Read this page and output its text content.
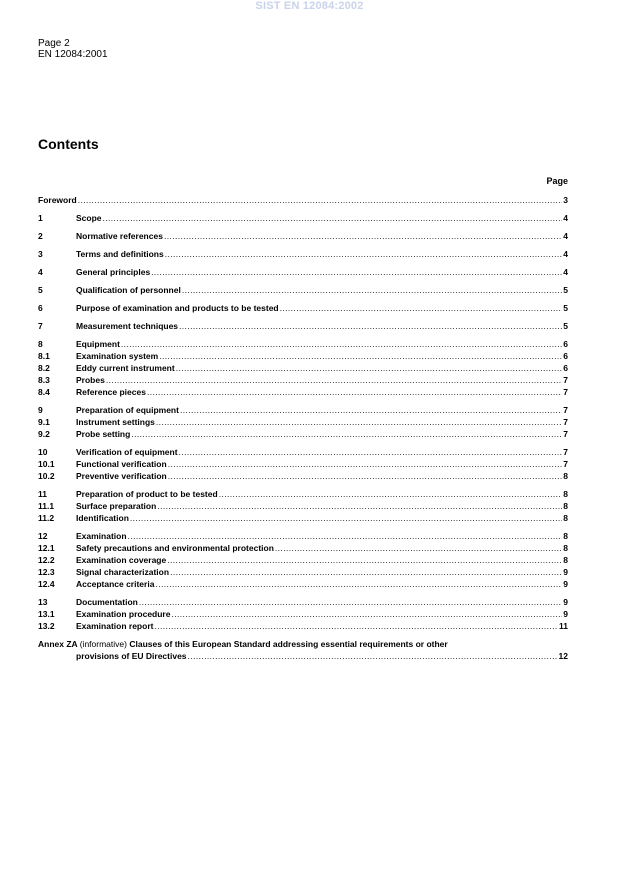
SIST EN 12084:2002
Page 2
EN 12084:2001
Contents
Page
Foreword .....	3
1	Scope .....	4
2	Normative references .....	4
3	Terms and definitions .....	4
4	General principles .....	4
5	Qualification of personnel .....	5
6	Purpose of examination and products to be tested .....	5
7	Measurement techniques .....	5
8	Equipment .....	6
8.1	Examination system .....	6
8.2	Eddy current instrument .....	6
8.3	Probes .....	7
8.4	Reference pieces .....	7
9	Preparation of equipment .....	7
9.1	Instrument settings .....	7
9.2	Probe setting .....	7
10	Verification of equipment .....	7
10.1	Functional verification .....	7
10.2	Preventive verification .....	8
11	Preparation of product to be tested .....	8
11.1	Surface preparation .....	8
11.2	Identification .....	8
12	Examination .....	8
12.1	Safety precautions and environmental protection .....	8
12.2	Examination coverage .....	8
12.3	Signal characterization .....	9
12.4	Acceptance criteria .....	9
13	Documentation .....	9
13.1	Examination procedure .....	9
13.2	Examination report .....	11
Annex ZA (informative) Clauses of this European Standard addressing essential requirements or other
provisions of EU Directives .....	12
